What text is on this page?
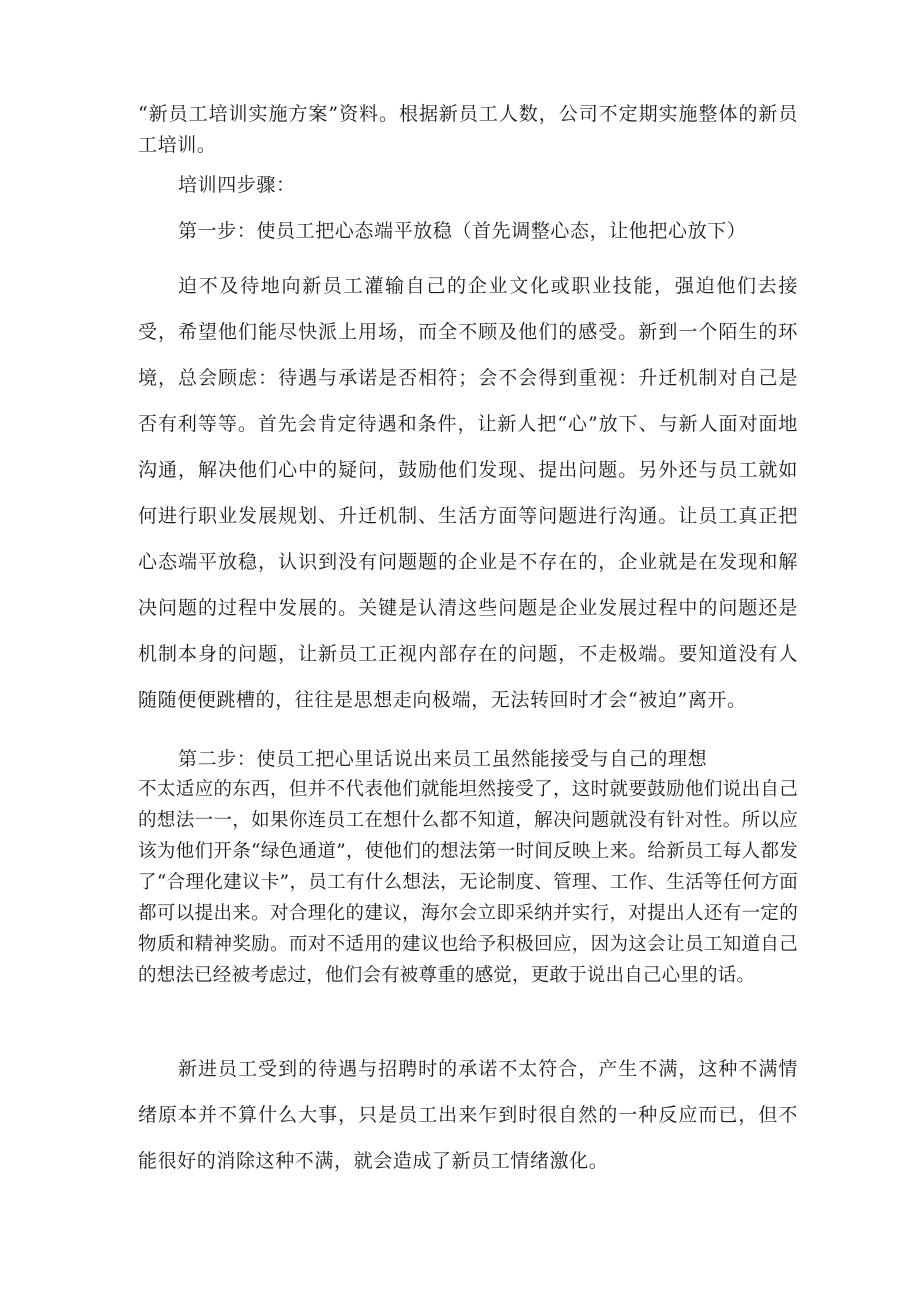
“新员工培训实施方案”资料。根据新员工人数，公司不定期实施整体的新员工培训。

培训四步骤：

第一步：使员工把心态端平放稳（首先调整心态，让他把心放下）

迫不及待地向新员工灌输自己的企业文化或职业技能，强迫他们去接受，希望他们能尽快派上用场，而全不顾及他们的感受。新到一个陌生的环境，总会顾虑：待遇与承诺是否相符；会不会得到重视：升迁机制对自己是否有利等等。首先会肯定待遇和条件，让新人把“心”放下、与新人面对面地沟通，解决他们心中的疑问，鼓励他们发现、提出问题。另外还与员工就如何进行职业发展规划、升迁机制、生活方面等问题进行沟通。让员工真正把心态端平放稳，认识到没有问题题的企业是不存在的，企业就是在发现和解决问题的过程中发展的。关键是认清这些问题是企业发展过程中的问题还是机制本身的问题，让新员工正视内部存在的问题，不走极端。要知道没有人随随便便跳槽的，往往是思想走向极端，无法转回时才会“被迫”离开。

第二步：使员工把心里话说出来员工虽然能接受与自己的理想

不太适应的东西，但并不代表他们就能坦然接受了，这时就要鼓励他们说出自己的想法一一，如果你连员工在想什么都不知道，解决问题就没有针对性。所以应该为他们开条“绿色通道”，使他们的想法第一时间反映上来。给新员工每人都发了“合理化建议卡”，员工有什么想法，无论制度、管理、工作、生活等任何方面都可以提出来。对合理化的建议，海尔会立即采纳并实行，对提出人还有一定的物质和精神奖励。而对不适用的建议也给予积极回应，因为这会让员工知道自己的想法已经被考虑过，他们会有被尊重的感觉，更敢于说出自己心里的话。

新进员工受到的待遇与招聘时的承诺不太符合，产生不满，这种不满情绪原本并不算什么大事，只是员工出来乍到时很自然的一种反应而已，但不能很好的消除这种不满，就会造成了新员工情绪激化。
